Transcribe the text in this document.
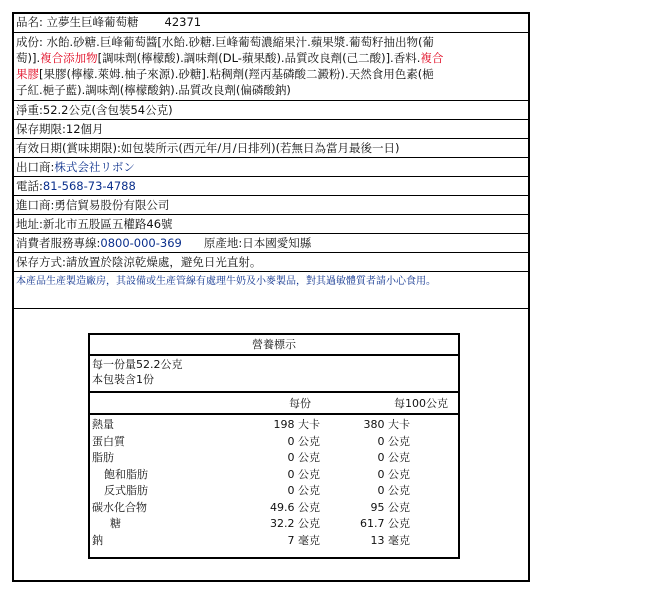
品名: 立夢生巨峰葡萄糖 42371
成份: 水飴.砂糖.巨峰葡萄醬[水飴.砂糖.巨峰葡萄濃縮果汁.蘋果漿.葡萄籽抽出物(葡
萄)].複合添加物[調味劑(檸檬酸).調味劑(DL-蘋果酸).品質改良劑(己二酸)].香料.複合
果膠[果膠(檸檬.萊姆.柚子來源).砂糖].粘稠劑(羥丙基磷酸二澱粉).天然食用色素(梔
子紅.梔子藍).調味劑(檸檬酸鈉).品質改良劑(偏磷酸鈉)
淨重:52.2公克(含包裝54公克)
保存期限:12個月
有效日期(賞味期限):如包裝所示(西元年/月/日排列)(若無日為當月最後一日)
出口商:株式会社リボン
電話:81-568-73-4788
進口商:勇信貿易股份有限公司
地址:新北市五股區五權路46號
消費者服務專線:0800-000-369 原產地:日本國愛知縣
保存方式:請放置於陰涼乾燥處，避免日光直射。
本產品生產製造廠房，其設備或生產管線有處理牛奶及小麥製品，對其過敏體質者請小心食用。
營養標示
每一份量52.2公克
本包裝含1份
每份	每100公克
熱量	198 大卡	380 大卡
蛋白質	0 公克	0 公克
脂肪	0 公克	0 公克
飽和脂肪	0 公克	0 公克
反式脂肪	0 公克	0 公克
碳水化合物	49.6 公克	95 公克
糖	32.2 公克	61.7 公克
鈉	7 毫克	13 毫克
